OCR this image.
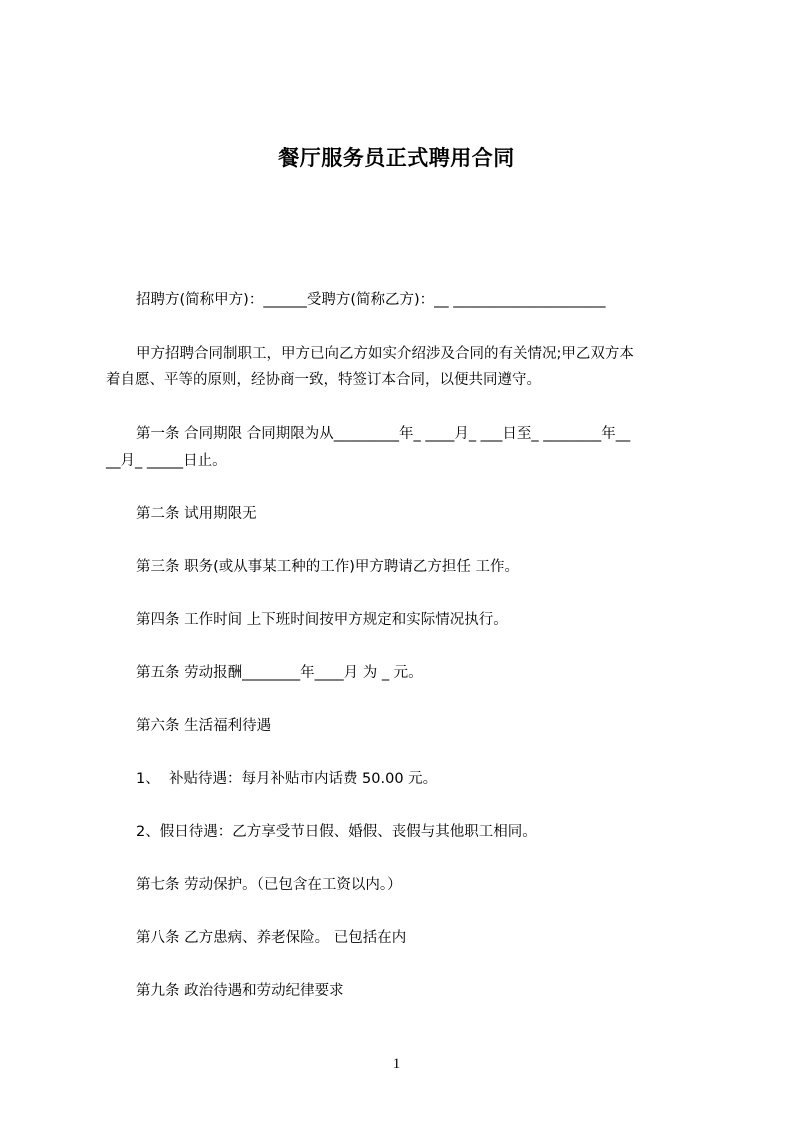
餐厅服务员正式聘用合同
招聘方(简称甲方)：______受聘方(简称乙方)：__ _____________________
甲方招聘合同制职工，甲方已向乙方如实介绍涉及合同的有关情况;甲乙双方本
着自愿、平等的原则，经协商一致，特签订本合同，以便共同遵守。
第一条 合同期限 合同期限为从_________年_ ____月_ ___日至_ ________年__
__月_ _____日止。
第二条 试用期限无
第三条 职务(或从事某工种的工作)甲方聘请乙方担任 工作。
第四条 工作时间 上下班时间按甲方规定和实际情况执行。
第五条 劳动报酬________年____月 为 _ 元。
第六条 生活福利待遇
1、  补贴待遇：每月补贴市内话费 50.00 元。
2、假日待遇：乙方享受节日假、婚假、丧假与其他职工相同。
第七条 劳动保护。（已包含在工资以内。）
第八条 乙方患病、养老保险。 已包括在内
第九条 政治待遇和劳动纪律要求
1
